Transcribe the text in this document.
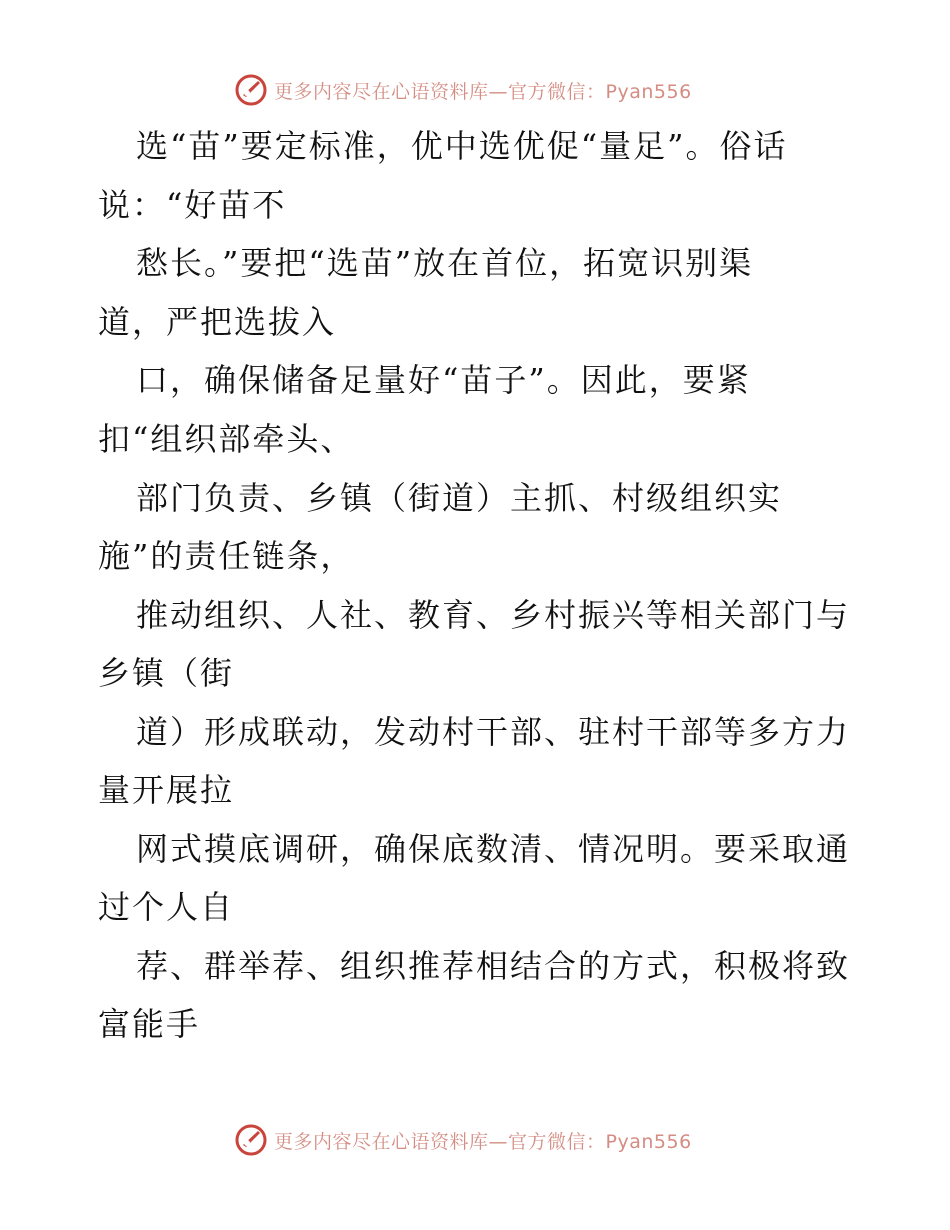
更多内容尽在心语资料库—官方微信：Pyan556
选“苗”要定标准，优中选优促“量足”。俗话
说：“好苗不
愁长。”要把“选苗”放在首位，拓宽识别渠
道，严把选拔入
口，确保储备足量好“苗子”。因此，要紧
扣“组织部牵头、
部门负责、乡镇（街道）主抓、村级组织实
施”的责任链条，
推动组织、人社、教育、乡村振兴等相关部门与
乡镇（街
道）形成联动，发动村干部、驻村干部等多方力
量开展拉
网式摸底调研，确保底数清、情况明。要采取通
过个人自
荐、群举荐、组织推荐相结合的方式，积极将致
富能手
更多内容尽在心语资料库—官方微信：Pyan556
